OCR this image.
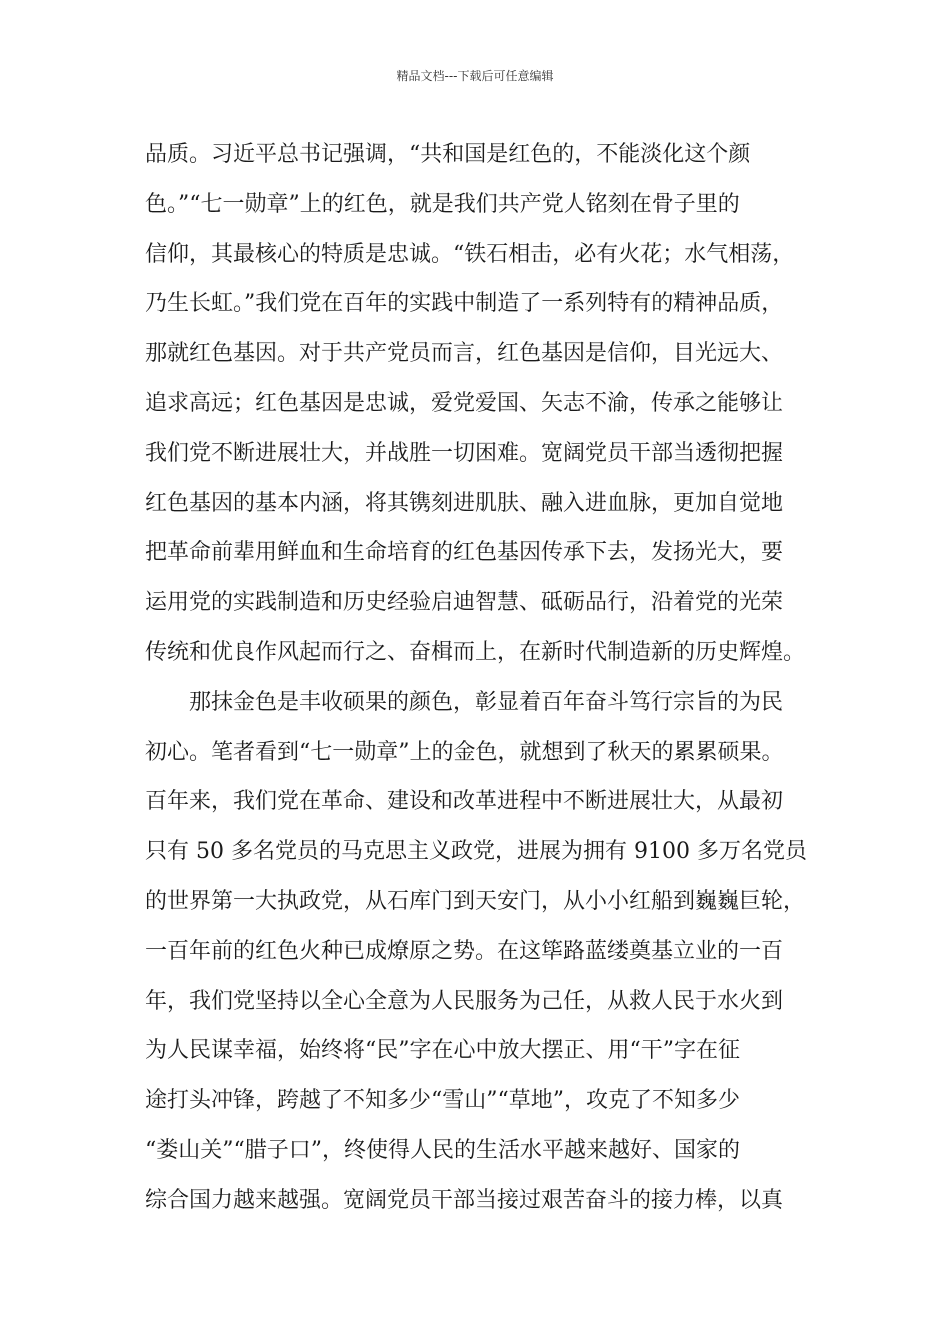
精品文档---下载后可任意编辑
品质。习近平总书记强调，“共和国是红色的，不能淡化这个颜
色。”“七一勋章”上的红色，就是我们共产党人铭刻在骨子里的
信仰，其最核心的特质是忠诚。“铁石相击，必有火花；水气相荡，
乃生长虹。”我们党在百年的实践中制造了一系列特有的精神品质，
那就红色基因。对于共产党员而言，红色基因是信仰，目光远大、
追求高远；红色基因是忠诚，爱党爱国、矢志不渝，传承之能够让
我们党不断进展壮大，并战胜一切困难。宽阔党员干部当透彻把握
红色基因的基本内涵，将其镌刻进肌肤、融入进血脉，更加自觉地
把革命前辈用鲜血和生命培育的红色基因传承下去，发扬光大，要
运用党的实践制造和历史经验启迪智慧、砥砺品行，沿着党的光荣
传统和优良作风起而行之、奋楫而上，在新时代制造新的历史辉煌。
那抹金色是丰收硕果的颜色，彰显着百年奋斗笃行宗旨的为民
初心。笔者看到“七一勋章”上的金色，就想到了秋天的累累硕果。
百年来，我们党在革命、建设和改革进程中不断进展壮大，从最初
只有 50 多名党员的马克思主义政党，进展为拥有 9100 多万名党员
的世界第一大执政党，从石库门到天安门，从小小红船到巍巍巨轮，
一百年前的红色火种已成燎原之势。在这筚路蓝缕奠基立业的一百
年，我们党坚持以全心全意为人民服务为己任，从救人民于水火到
为人民谋幸福，始终将“民”字在心中放大摆正、用“干”字在征
途打头冲锋，跨越了不知多少“雪山”“草地”，攻克了不知多少
“娄山关”“腊子口”，终使得人民的生活水平越来越好、国家的
综合国力越来越强。宽阔党员干部当接过艰苦奋斗的接力棒，以真
